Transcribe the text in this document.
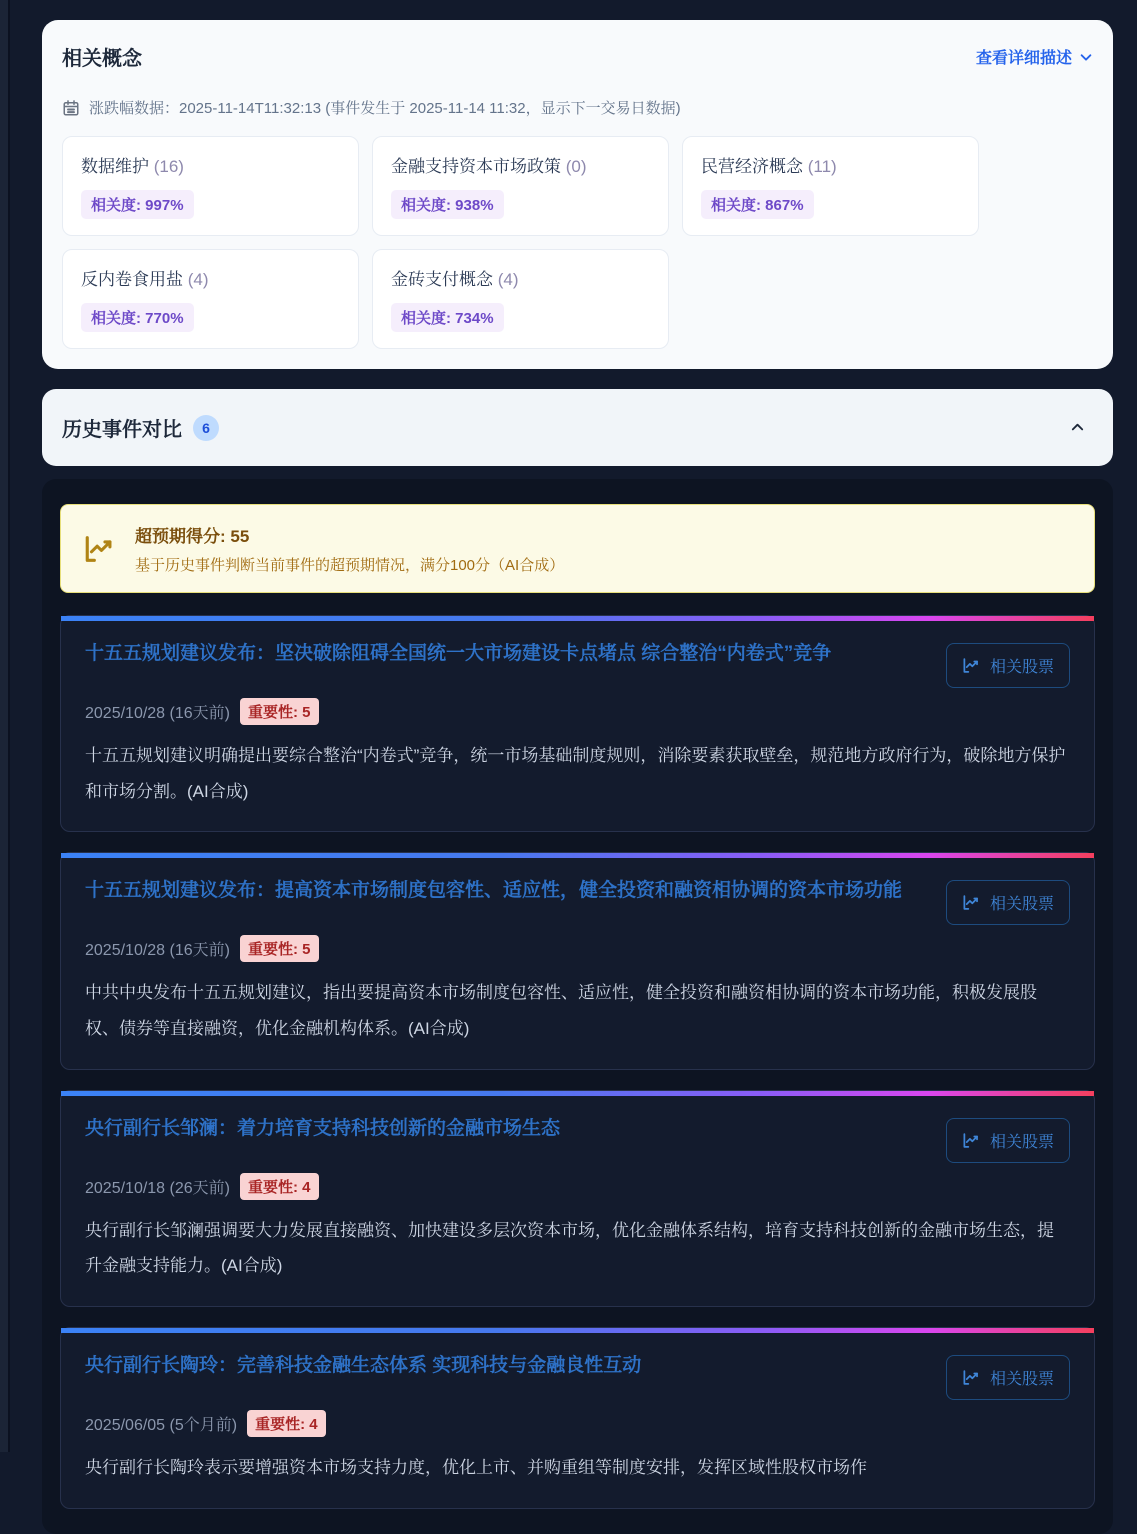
相关概念	查看详细描述
涨跌幅数据：2025-11-14T11:32:13 (事件发生于 2025-11-14 11:32，显示下一交易日数据)
数据维护 (16)
相关度: 997%
金融支持资本市场政策 (0)
相关度: 938%
民营经济概念 (11)
相关度: 867%
反内卷食用盐 (4)
相关度: 770%
金砖支付概念 (4)
相关度: 734%
历史事件对比	6
超预期得分: 55
基于历史事件判断当前事件的超预期情况，满分100分（AI合成）
十五五规划建议发布：坚决破除阻碍全国统一大市场建设卡点堵点 综合整治“内卷式”竞争
相关股票
2025/10/28 (16天前)	重要性: 5

十五五规划建议明确提出要综合整治“内卷式”竞争，统一市场基础制度规则，消除要素获取壁垒，规范地方政府行为，破除地方保护和市场分割。(AI合成)

十五五规划建议发布：提高资本市场制度包容性、适应性，健全投资和融资相协调的资本市场功能
相关股票
2025/10/28 (16天前)	重要性: 5

中共中央发布十五五规划建议，指出要提高资本市场制度包容性、适应性，健全投资和融资相协调的资本市场功能，积极发展股权、债券等直接融资，优化金融机构体系。(AI合成)

央行副行长邹澜：着力培育支持科技创新的金融市场生态
相关股票
2025/10/18 (26天前)	重要性: 4

央行副行长邹澜强调要大力发展直接融资、加快建设多层次资本市场，优化金融体系结构，培育支持科技创新的金融市场生态，提升金融支持能力。(AI合成)

央行副行长陶玲：完善科技金融生态体系 实现科技与金融良性互动
相关股票
2025/06/05 (5个月前)	重要性: 4

央行副行长陶玲表示要增强资本市场支持力度，优化上市、并购重组等制度安排，发挥区域性股权市场作
